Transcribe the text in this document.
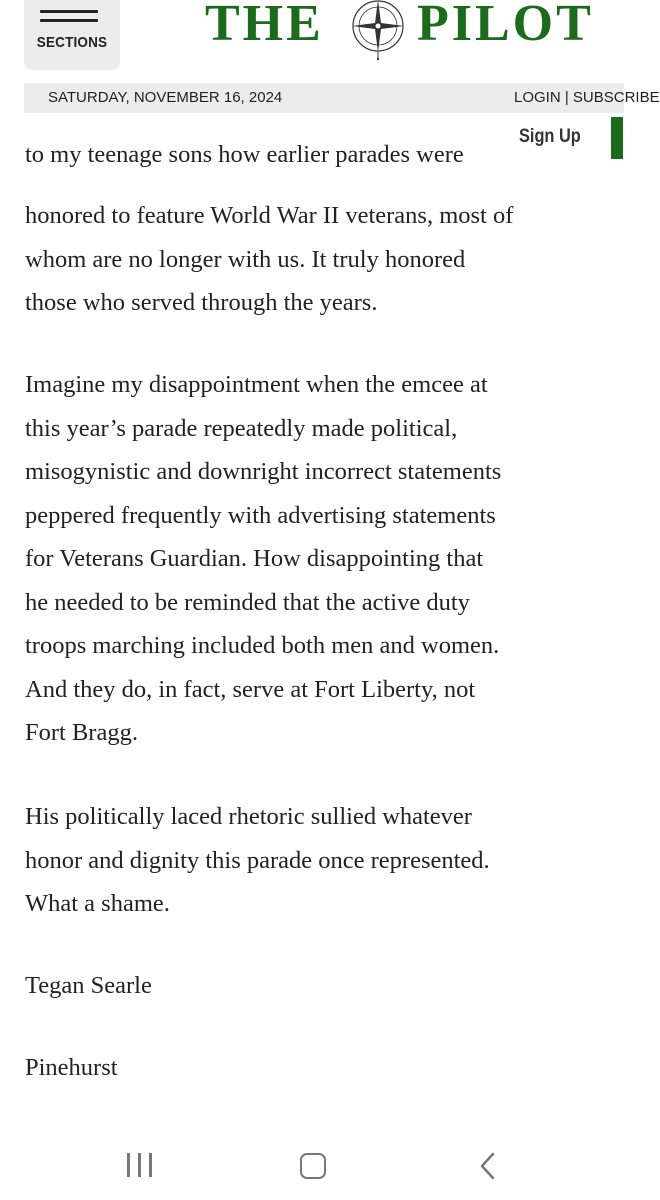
SECTIONS THE PILOT
SATURDAY, NOVEMBER 16, 2024	LOGIN | SUBSCRIBE
Sign Up
to my teenage sons how earlier parades were

honored to feature World War II veterans, most of
whom are no longer with us. It truly honored
those who served through the years.

Imagine my disappointment when the emcee at
this year’s parade repeatedly made political,
misogynistic and downright incorrect statements
peppered frequently with advertising statements
for Veterans Guardian. How disappointing that
he needed to be reminded that the active duty
troops marching included both men and women.
And they do, in fact, serve at Fort Liberty, not
Fort Bragg.

His politically laced rhetoric sullied whatever
honor and dignity this parade once represented.
What a shame.

Tegan Searle

Pinehurst
